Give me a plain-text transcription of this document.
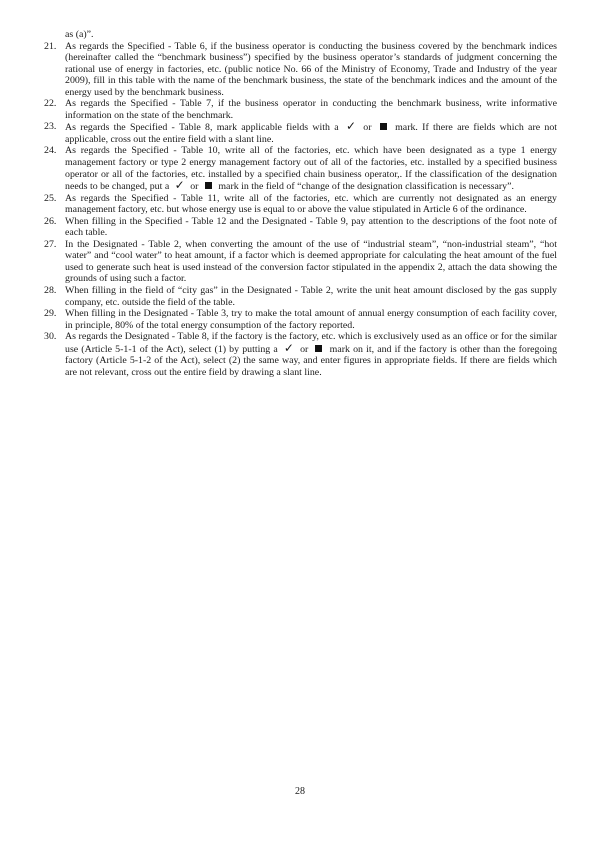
as (a)”.

21. As regards the Specified - Table 6, if the business operator is conducting the business covered by the benchmark indices (hereinafter called the “benchmark business”) specified by the business operator’s standards of judgment concerning the rational use of energy in factories, etc. (public notice No. 66 of the Ministry of Economy, Trade and Industry of the year 2009), fill in this table with the name of the benchmark business, the state of the benchmark indices and the amount of the energy used by the benchmark business.
22. As regards the Specified - Table 7, if the business operator in conducting the benchmark business, write informative information on the state of the benchmark.
23. As regards the Specified - Table 8, mark applicable fields with a ✓ or mark. If there are fields which are not applicable, cross out the entire field with a slant line.
24. As regards the Specified - Table 10, write all of the factories, etc. which have been designated as a type 1 energy management factory or type 2 energy management factory out of all of the factories, etc. installed by a specified business operator or all of the factories, etc. installed by a specified chain business operator,. If the classification of the designation needs to be changed, put a ✓ or mark in the field of “change of the designation classification is necessary”.
25. As regards the Specified - Table 11, write all of the factories, etc. which are currently not designated as an energy management factory, etc. but whose energy use is equal to or above the value stipulated in Article 6 of the ordinance.
26. When filling in the Specified - Table 12 and the Designated - Table 9, pay attention to the descriptions of the foot note of each table.
27. In the Designated - Table 2, when converting the amount of the use of “industrial steam”, “non-industrial steam”, “hot water” and “cool water” to heat amount, if a factor which is deemed appropriate for calculating the heat amount of the fuel used to generate such heat is used instead of the conversion factor stipulated in the appendix 2, attach the data showing the grounds of using such a factor.
28. When filling in the field of “city gas” in the Designated - Table 2, write the unit heat amount disclosed by the gas supply company, etc. outside the field of the table.
29. When filling in the Designated - Table 3, try to make the total amount of annual energy consumption of each facility cover, in principle, 80% of the total energy consumption of the factory reported.
30. As regards the Designated - Table 8, if the factory is the factory, etc. which is exclusively used as an office or for the similar use (Article 5-1-1 of the Act), select (1) by putting a ✓ or mark on it, and if the factory is other than the foregoing factory (Article 5-1-2 of the Act), select (2) the same way, and enter figures in appropriate fields. If there are fields which are not relevant, cross out the entire field by drawing a slant line.
28
